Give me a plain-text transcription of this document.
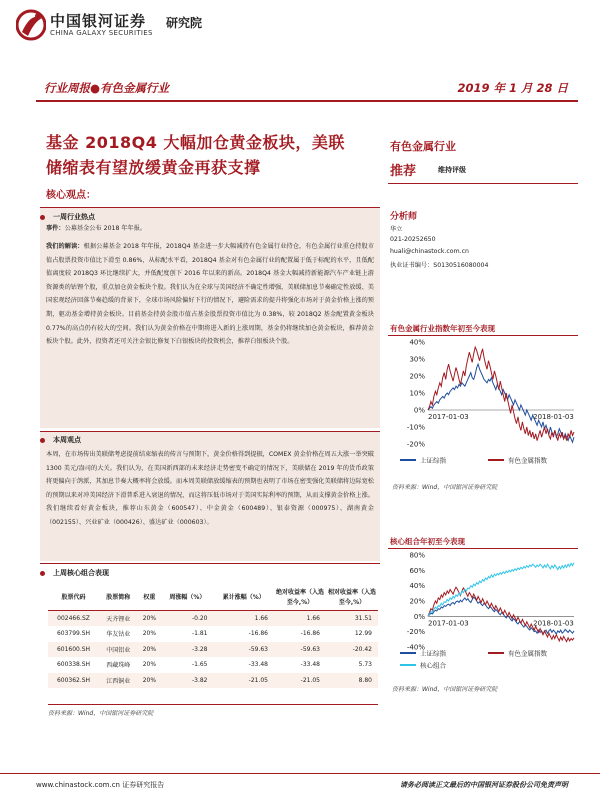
中国银河证券
CHINA GALAXY SECURITIES
研究院
行业周报●有色金属行业	2019 年 1 月 28 日
基金 2018Q4 大幅加仓黄金板块，美联
储缩表有望放缓黄金再获支撑
核心观点：
一周行业热点
事件：公募基金公布 2018 年年报。
我们的解读：根据公募基金 2018 年年报，2018Q4 基金进一步大幅减持有色金属行业持仓，有色金属行业重仓持股市值占股票投资市值比下滑至 0.86%，从标配水平看，2018Q4 基金对有色金属行业的配置属于低于标配的水平，且低配值离度较 2018Q3 环比继续扩大，并低配度创下 2016 年以来的新高。2018Q4 基金大幅减持新能源汽车产业链上游资源类的钴锂个股，重点加仓黄金板块个股。我们认为在全球与美国经济不确定性增强，美联储加息节奏确定性放缓、美国宏观经济回落节奏趋缓的背景下，全球市场风险偏好下行的情况下，避险需求的提升将强化市场对于黄金价格上涨的预期，驱动基金增持黄金板块。目前基金持黄金股市值占基金股票投资市值比为 0.38%，较 2018Q2 基金配置黄金板块 0.77%的高点仍有较大的空间。我们认为黄金价格在中期将进入新的上涨周期，基金仍将继续加仓黄金板块，推荐黄金板块个股。此外，投资者还可关注金银比修复下白银板块的投资机会，推荐白银板块个股。
本周观点
本周，在市场传出美联储考虑提前结束缩表的传言与预期下，黄金价格得到提振，COMEX 黄金价格在周五大涨一举突破 1300 美元/盎司的大关。我们认为，在美国新西部的未来经济走势密变不确定的情况下，美联储在 2019 年的货币政策将更偏向于鸽派，其加息节奏大概率将会放缓。而本周美联储放缓缩表的预期也表明了市场在密变强化美联储将边际宽松的预期以来对冲美国经济下滑普系进入衰退的情况，而这将压低市场对于美国实际利率的预期，从而支撑黄金价格上涨。我们继续看好黄金板块，推荐山东黄金（600547）、中金黄金（600489）、银泰资源（000975）、湖南黄金（002155）、兴业矿业（000426）、盛达矿业（000603）。
上周核心组合表现
股票代码	股票简称	权重	周涨幅（%）	累计涨幅（%）	绝对收益率（入选至今,%）	相对收益率（入选至今,%）
002466.SZ	天齐锂业	20%	-0.20	1.66	1.66	31.51
603799.SH	华友钴业	20%	-1.81	-16.86	-16.86	12.99
601600.SH	中国铝业	20%	-3.28	-59.63	-59.63	-20.42
600338.SH	西藏珠峰	20%	-1.65	-33.48	-33.48	5.73
600362.SH	江西铜业	20%	-3.82	-21.05	-21.05	8.80
资料来源：Wind，中国银河证券研究院
有色金属行业
推荐	维持评级
分析师
华立
021-20252650
huali@chinastock.com.cn
执业证书编号：S0130516080004
有色金属行业指数年初至今表现
-20%
-10%
0%
10%
20%
30%
40%
2017-01-03	2018-01-03
上证综指	有色金属指数
资料来源：Wind，中国银河证券研究院
核心组合年初至今表现
-40%
-20%
0%
20%
40%
60%
80%
2017-01-03	2018-01-03
上证综指	有色金属指数
核心组合
资料来源：Wind，中国银河证券研究院
www.chinastock.com.cn 证券研究报告	请务必阅读正文最后的中国银河证券股份公司免责声明
